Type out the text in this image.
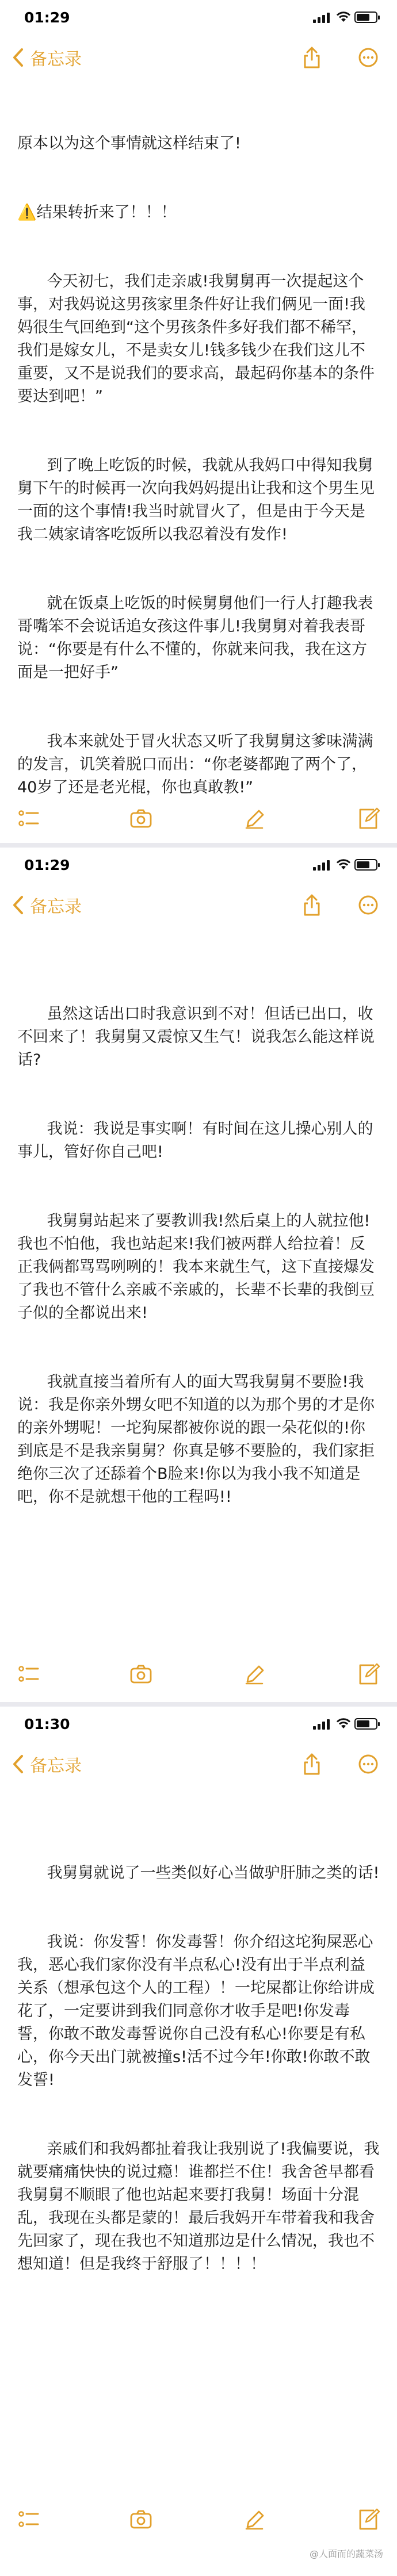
01:29
备忘录

原本以为这个事情就这样结束了!

⚠️结果转折来了！！！

今天初七，我们走亲戚!我舅舅再一次提起这个事，对我妈说这男孩家里条件好让我们俩见一面!我妈很生气回绝到“这个男孩条件多好我们都不稀罕，我们是嫁女儿，不是卖女儿!钱多钱少在我们这儿不重要，又不是说我们的要求高，最起码你基本的条件要达到吧！”

到了晚上吃饭的时候，我就从我妈口中得知我舅舅下午的时候再一次向我妈妈提出让我和这个男生见一面的这个事情!我当时就冒火了，但是由于今天是我二姨家请客吃饭所以我忍着没有发作!

就在饭桌上吃饭的时候舅舅他们一行人打趣我表哥嘴笨不会说话追女孩这件事儿!我舅舅对着我表哥说：“你要是有什么不懂的，你就来问我，我在这方面是一把好手”

我本来就处于冒火状态又听了我舅舅这爹味满满的发言，讥笑着脱口而出：“你老婆都跑了两个了，40岁了还是老光棍，你也真敢教!”

01:29
备忘录

虽然这话出口时我意识到不对！但话已出口，收不回来了！我舅舅又震惊又生气！说我怎么能这样说话?

我说：我说是事实啊！有时间在这儿操心别人的事儿，管好你自己吧!

我舅舅站起来了要教训我!然后桌上的人就拉他!我也不怕他，我也站起来!我们被两群人给拉着！反正我俩都骂骂咧咧的！我本来就生气，这下直接爆发了我也不管什么亲戚不亲戚的，长辈不长辈的我倒豆子似的全都说出来!

我就直接当着所有人的面大骂我舅舅不要脸!我说：我是你亲外甥女吧不知道的以为那个男的才是你的亲外甥呢！一坨狗屎都被你说的跟一朵花似的!你到底是不是我亲舅舅？你真是够不要脸的，我们家拒绝你三次了还舔着个B脸来!你以为我小我不知道是吧，你不是就想干他的工程吗!!

01:30
备忘录

我舅舅就说了一些类似好心当做驴肝肺之类的话!

我说：你发誓！你发毒誓！你介绍这坨狗屎恶心我，恶心我们家你没有半点私心!没有出于半点利益关系（想承包这个人的工程）！一坨屎都让你给讲成花了，一定要讲到我们同意你才收手是吧!你发毒誓，你敢不敢发毒誓说你自己没有私心!你要是有私心，你今天出门就被撞s!活不过今年!你敢!你敢不敢发誓!

亲戚们和我妈都扯着我让我别说了!我偏要说，我就要痛痛快快的说过瘾！谁都拦不住！我舍爸早都看我舅舅不顺眼了他也站起来要打我舅！场面十分混乱，我现在头都是蒙的！最后我妈开车带着我和我舍先回家了，现在我也不知道那边是什么情况，我也不想知道！但是我终于舒服了！！！！

@人面而的蔬菜汤
